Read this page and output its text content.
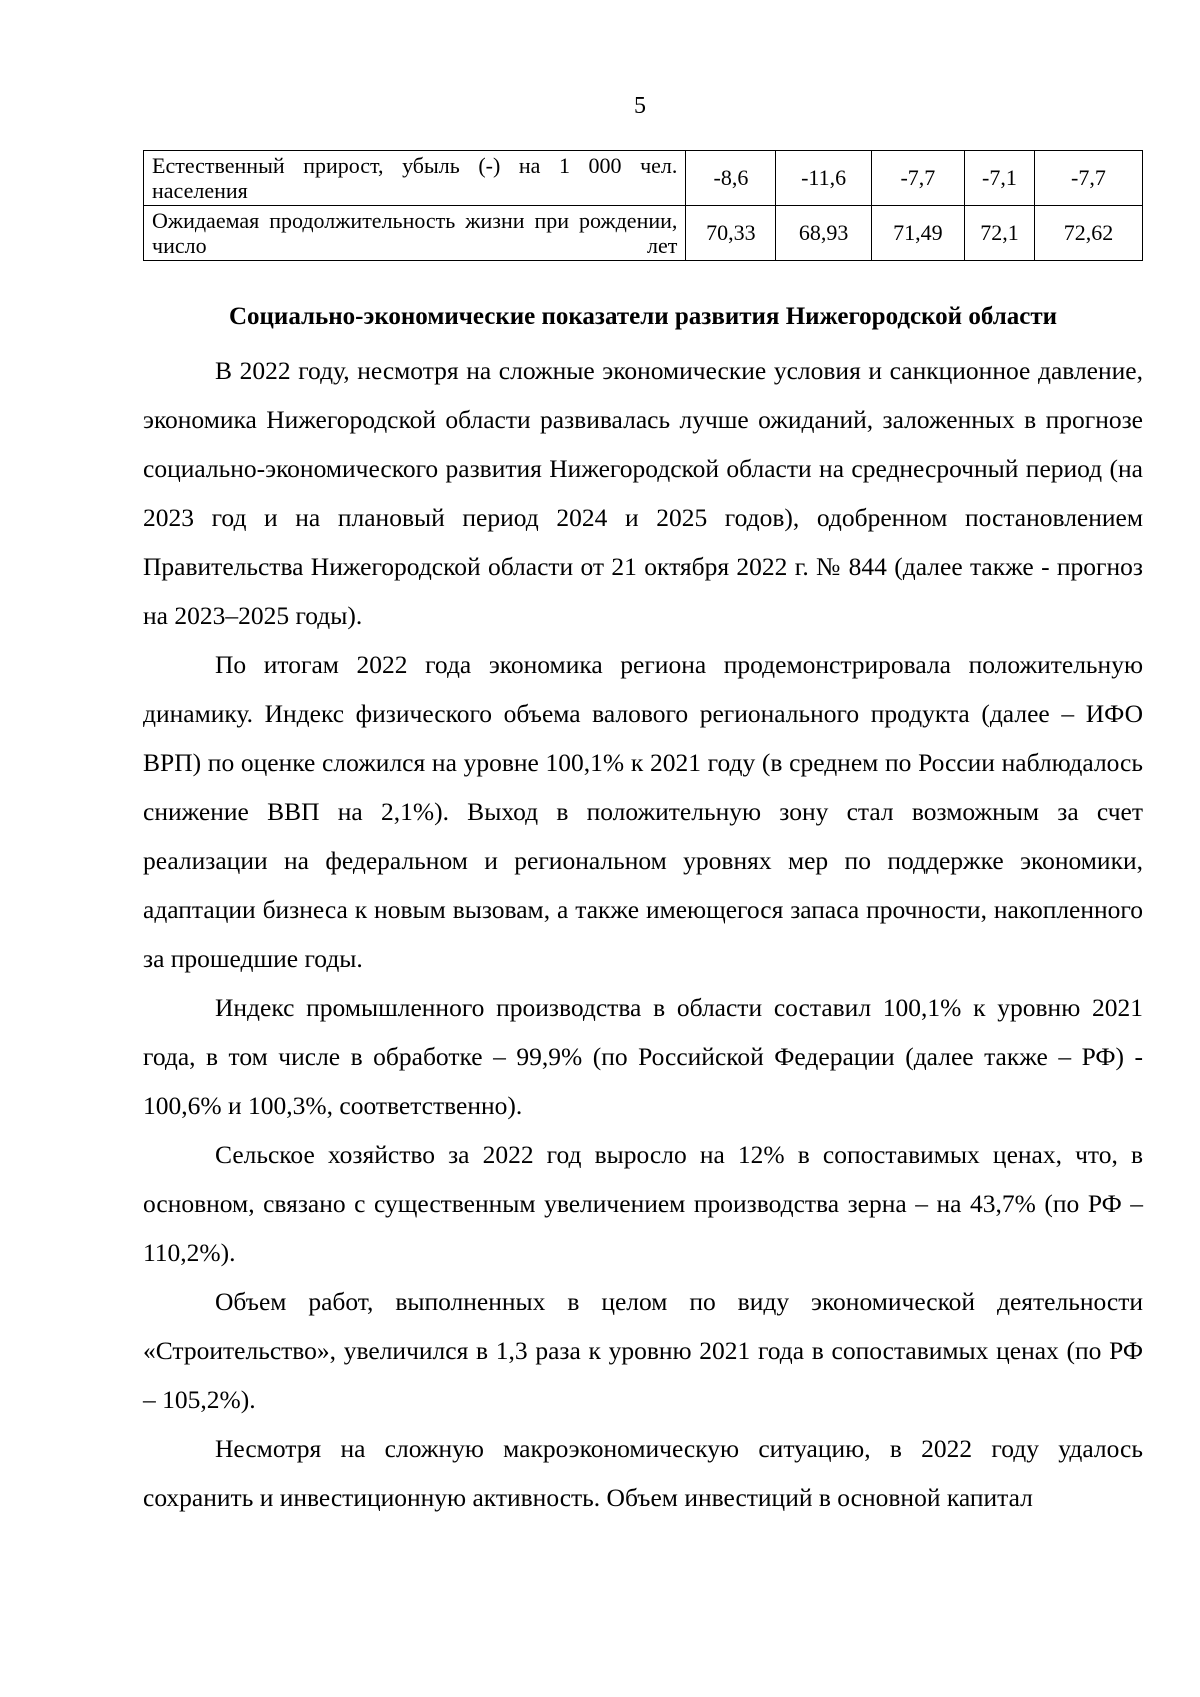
5
Естественный прирост, убыль (-) на 1 000 чел. населения	-8,6	-11,6	-7,7	-7,1	-7,7
Ожидаемая продолжительность жизни при рождении, число лет	70,33	68,93	71,49	72,1	72,62
Социально-экономические показатели развития Нижегородской области

В 2022 году, несмотря на сложные экономические условия и санкционное давление, экономика Нижегородской области развивалась лучше ожиданий, заложенных в прогнозе социально-экономического развития Нижегородской области на среднесрочный период (на 2023 год и на плановый период 2024 и 2025 годов), одобренном постановлением Правительства Нижегородской области от 21 октября 2022 г. № 844 (далее также - прогноз на 2023–2025 годы).

По итогам 2022 года экономика региона продемонстрировала положительную динамику. Индекс физического объема валового регионального продукта (далее – ИФО ВРП) по оценке сложился на уровне 100,1% к 2021 году (в среднем по России наблюдалось снижение ВВП на 2,1%). Выход в положительную зону стал возможным за счет реализации на федеральном и региональном уровнях мер по поддержке экономики, адаптации бизнеса к новым вызовам, а также имеющегося запаса прочности, накопленного за прошедшие годы.

Индекс промышленного производства в области составил 100,1% к уровню 2021 года, в том числе в обработке – 99,9% (по Российской Федерации (далее также – РФ) - 100,6% и 100,3%, соответственно).

Сельское хозяйство за 2022 год выросло на 12% в сопоставимых ценах, что, в основном, связано с существенным увеличением производства зерна – на 43,7% (по РФ – 110,2%).

Объем работ, выполненных в целом по виду экономической деятельности «Строительство», увеличился в 1,3 раза к уровню 2021 года в сопоставимых ценах (по РФ – 105,2%).

Несмотря на сложную макроэкономическую ситуацию, в 2022 году удалось сохранить и инвестиционную активность. Объем инвестиций в основной капитал
